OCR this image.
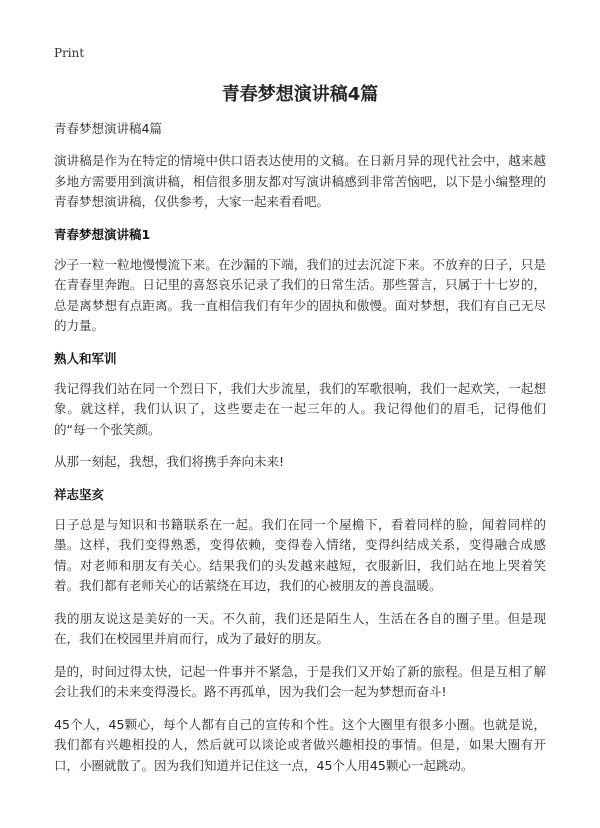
Print
青春梦想演讲稿4篇

青春梦想演讲稿4篇

演讲稿是作为在特定的情境中供口语表达使用的文稿。在日新月异的现代社会中，越来越多地方需要用到演讲稿，相信很多朋友都对写演讲稿感到非常苦恼吧，以下是小编整理的青春梦想演讲稿，仅供参考，大家一起来看看吧。

青春梦想演讲稿1

沙子一粒一粒地慢慢流下来。在沙漏的下端，我们的过去沉淀下来。不放弃的日子，只是在青春里奔跑。日记里的喜怒哀乐记录了我们的日常生活。那些誓言，只属于十七岁的，总是离梦想有点距离。我一直相信我们有年少的固执和傲慢。面对梦想，我们有自己无尽的力量。

熟人和军训

我记得我们站在同一个烈日下，我们大步流星，我们的军歌很响，我们一起欢笑，一起想象。就这样，我们认识了，这些要走在一起三年的人。我记得他们的眉毛，记得他们的“每一个张笑颜。

从那一刻起，我想，我们将携手奔向未来!

祥志坚亥

日子总是与知识和书籍联系在一起。我们在同一个屋檐下，看着同样的脸，闻着同样的墨。这样，我们变得熟悉，变得依赖，变得卷入情绪，变得纠结成关系，变得融合成感情。对老师和朋友有关心。结果我们的头发越来越短，衣服新旧，我们站在地上哭着笑着。我们都有老师关心的话萦绕在耳边，我们的心被朋友的善良温暖。

我的朋友说这是美好的一天。不久前，我们还是陌生人，生活在各自的圈子里。但是现在，我们在校园里并肩而行，成为了最好的朋友。

是的，时间过得太快，记起一件事并不紧急，于是我们又开始了新的旅程。但是互相了解会让我们的未来变得漫长。路不再孤单，因为我们会一起为梦想而奋斗!

45个人，45颗心，每个人都有自己的宣传和个性。这个大圈里有很多小圈。也就是说，我们都有兴趣相投的人，然后就可以谈论或者做兴趣相投的事情。但是，如果大圈有开口，小圈就散了。因为我们知道并记住这一点，45个人用45颗心一起跳动。
